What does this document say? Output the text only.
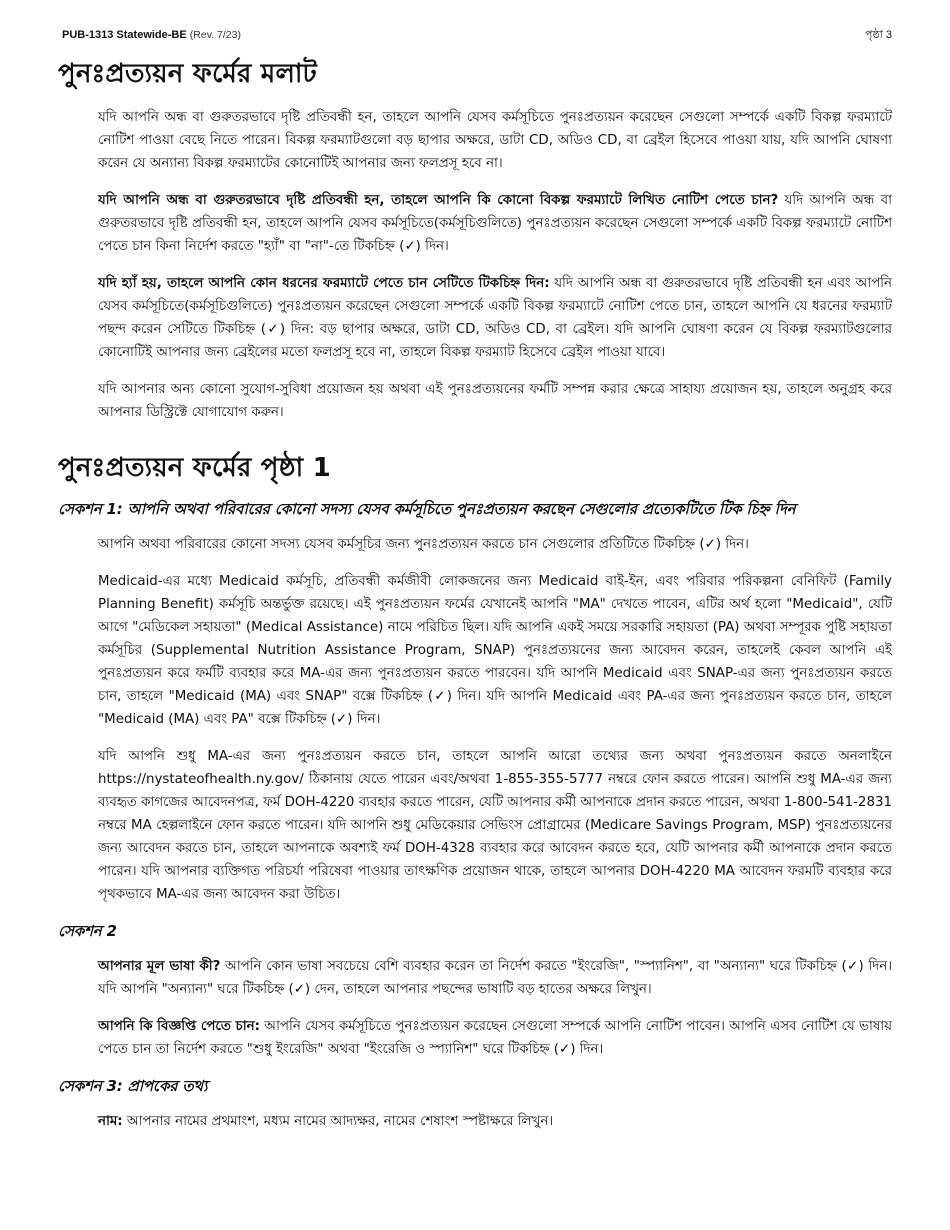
PUB-1313 Statewide-BE (Rev. 7/23)	পৃষ্ঠা 3
পুনঃপ্রত্যয়ন ফর্মের মলাট

যদি আপনি অন্ধ বা গুরুতরভাবে দৃষ্টি প্রতিবন্ধী হন, তাহলে আপনি যেসব কর্মসূচিতে পুনঃপ্রত্যয়ন করেছেন সেগুলো সম্পর্কে একটি বিকল্প ফরম্যাটে নোটিশ পাওয়া বেছে নিতে পারেন। বিকল্প ফরম্যাটগুলো বড় ছাপার অক্ষরে, ডাটা CD, অডিও CD, বা ব্রেইল হিসেবে পাওয়া যায়, যদি আপনি ঘোষণা করেন যে অন্যান্য বিকল্প ফরম্যাটের কোনোটিই আপনার জন্য ফলপ্রসূ হবে না।

যদি আপনি অন্ধ বা গুরুতরভাবে দৃষ্টি প্রতিবন্ধী হন, তাহলে আপনি কি কোনো বিকল্প ফরম্যাটে লিখিত নোটিশ পেতে চান? যদি আপনি অন্ধ বা গুরুতরভাবে দৃষ্টি প্রতিবন্ধী হন, তাহলে আপনি যেসব কর্মসূচিতে(কর্মসূচিগুলিতে) পুনঃপ্রত্যয়ন করেছেন সেগুলো সম্পর্কে একটি বিকল্প ফরম্যাটে নোটিশ পেতে চান কিনা নির্দেশ করতে "হ্যাঁ" বা "না"-তে টিকচিহ্ন (✓) দিন।

যদি হ্যাঁ হয়, তাহলে আপনি কোন ধরনের ফরম্যাটে পেতে চান সেটিতে টিকচিহ্ন দিন: যদি আপনি অন্ধ বা গুরুতরভাবে দৃষ্টি প্রতিবন্ধী হন এবং আপনি যেসব কর্মসূচিতে(কর্মসূচিগুলিতে) পুনঃপ্রত্যয়ন করেছেন সেগুলো সম্পর্কে একটি বিকল্প ফরম্যাটে নোটিশ পেতে চান, তাহলে আপনি যে ধরনের ফরম্যাট পছন্দ করেন সেটিতে টিকচিহ্ন (✓) দিন: বড় ছাপার অক্ষরে, ডাটা CD, অডিও CD, বা ব্রেইল। যদি আপনি ঘোষণা করেন যে বিকল্প ফরম্যাটগুলোর কোনোটিই আপনার জন্য ব্রেইলের মতো ফলপ্রসূ হবে না, তাহলে বিকল্প ফরম্যাট হিসেবে ব্রেইল পাওয়া যাবে।

যদি আপনার অন্য কোনো সুযোগ-সুবিধা প্রয়োজন হয় অথবা এই পুনঃপ্রত্যয়নের ফর্মটি সম্পন্ন করার ক্ষেত্রে সাহায্য প্রয়োজন হয়, তাহলে অনুগ্রহ করে আপনার ডিস্ট্রিক্টে যোগাযোগ করুন।

পুনঃপ্রত্যয়ন ফর্মের পৃষ্ঠা 1
সেকশন 1: আপনি অথবা পরিবারের কোনো সদস্য যেসব কর্মসূচিতে পুনঃপ্রত্যয়ন করছেন সেগুলোর প্রত্যেকটিতে টিক চিহ্ন দিন

আপনি অথবা পরিবারের কোনো সদস্য যেসব কর্মসূচির জন্য পুনঃপ্রত্যয়ন করতে চান সেগুলোর প্রতিটিতে টিকচিহ্ন (✓) দিন।

Medicaid-এর মধ্যে Medicaid কর্মসূচি, প্রতিবন্ধী কর্মজীবী লোকজনের জন্য Medicaid বাই-ইন, এবং পরিবার পরিকল্পনা বেনিফিট (Family Planning Benefit) কর্মসূচি অন্তর্ভুক্ত রয়েছে। এই পুনঃপ্রত্যয়ন ফর্মের যেখানেই আপনি "MA" দেখতে পাবেন, এটির অর্থ হলো "Medicaid", যেটি আগে "মেডিকেল সহায়তা" (Medical Assistance) নামে পরিচিত ছিল। যদি আপনি একই সময়ে সরকারি সহায়তা (PA) অথবা সম্পূরক পুষ্টি সহায়তা কর্মসূচির (Supplemental Nutrition Assistance Program, SNAP) পুনঃপ্রত্যয়নের জন্য আবেদন করেন, তাহলেই কেবল আপনি এই পুনঃপ্রত্যয়ন করে ফর্মটি ব্যবহার করে MA-এর জন্য পুনঃপ্রত্যয়ন করতে পারবেন। যদি আপনি Medicaid এবং SNAP-এর জন্য পুনঃপ্রত্যয়ন করতে চান, তাহলে "Medicaid (MA) এবং SNAP" বক্সে টিকচিহ্ন (✓) দিন। যদি আপনি Medicaid এবং PA-এর জন্য পুনঃপ্রত্যয়ন করতে চান, তাহলে "Medicaid (MA) এবং PA" বক্সে টিকচিহ্ন (✓) দিন।

যদি আপনি শুধু MA-এর জন্য পুনঃপ্রত্যয়ন করতে চান, তাহলে আপনি আরো তথ্যের জন্য অথবা পুনঃপ্রত্যয়ন করতে অনলাইনে https://nystateofhealth.ny.gov/ ঠিকানায় যেতে পারেন এবং/অথবা 1-855-355-5777 নম্বরে ফোন করতে পারেন। আপনি শুধু MA-এর জন্য ব্যবহৃত কাগজের আবেদনপত্র, ফর্ম DOH-4220 ব্যবহার করতে পারেন, যেটি আপনার কর্মী আপনাকে প্রদান করতে পারেন, অথবা 1-800-541-2831 নম্বরে MA হেল্পলাইনে ফোন করতে পারেন। যদি আপনি শুধু মেডিকেয়ার সেভিংস প্রোগ্রামের (Medicare Savings Program, MSP) পুনঃপ্রত্যয়নের জন্য আবেদন করতে চান, তাহলে আপনাকে অবশ্যই ফর্ম DOH-4328 ব্যবহার করে আবেদন করতে হবে, যেটি আপনার কর্মী আপনাকে প্রদান করতে পারেন। যদি আপনার ব্যক্তিগত পরিচর্যা পরিষেবা পাওয়ার তাৎক্ষণিক প্রয়োজন থাকে, তাহলে আপনার DOH-4220 MA আবেদন ফরমটি ব্যবহার করে পৃথকভাবে MA-এর জন্য আবেদন করা উচিত।

সেকশন 2

আপনার মূল ভাষা কী? আপনি কোন ভাষা সবচেয়ে বেশি ব্যবহার করেন তা নির্দেশ করতে "ইংরেজি", "স্প্যানিশ", বা "অন্যান্য" ঘরে টিকচিহ্ন (✓) দিন। যদি আপনি "অন্যান্য" ঘরে টিকচিহ্ন (✓) দেন, তাহলে আপনার পছন্দের ভাষাটি বড় হাতের অক্ষরে লিখুন।

আপনি কি বিজ্ঞপ্তি পেতে চান: আপনি যেসব কর্মসূচিতে পুনঃপ্রত্যয়ন করেছেন সেগুলো সম্পর্কে আপনি নোটিশ পাবেন। আপনি এসব নোটিশ যে ভাষায় পেতে চান তা নির্দেশ করতে "শুধু ইংরেজি" অথবা "ইংরেজি ও স্প্যানিশ" ঘরে টিকচিহ্ন (✓) দিন।

সেকশন 3: প্রাপকের তথ্য

নাম: আপনার নামের প্রথমাংশ, মধ্যম নামের আদ্যক্ষর, নামের শেষাংশ স্পষ্টাক্ষরে লিখুন।
